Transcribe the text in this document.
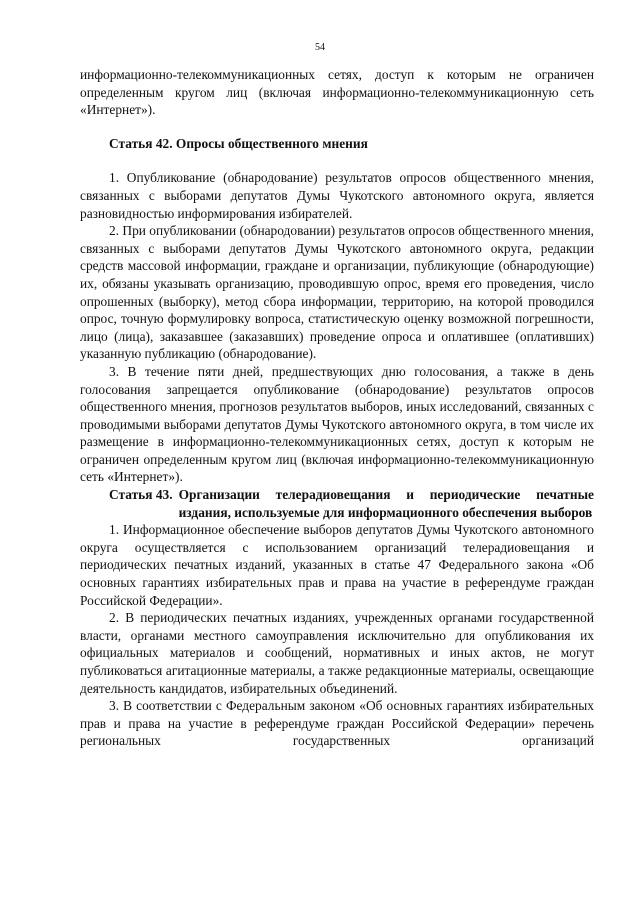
54

информационно-телекоммуникационных сетях, доступ к которым не ограничен определенным кругом лиц (включая информационно-телекоммуникационную сеть «Интернет»).

Статья 42. Опросы общественного мнения

1. Опубликование (обнародование) результатов опросов общественного мнения, связанных с выборами депутатов Думы Чукотского автономного округа, является разновидностью информирования избирателей.

2. При опубликовании (обнародовании) результатов опросов общественного мнения, связанных с выборами депутатов Думы Чукотского автономного округа, редакции средств массовой информации, граждане и организации, публикующие (обнародующие) их, обязаны указывать организацию, проводившую опрос, время его проведения, число опрошенных (выборку), метод сбора информации, территорию, на которой проводился опрос, точную формулировку вопроса, статистическую оценку возможной погрешности, лицо (лица), заказавшее (заказавших) проведение опроса и оплатившее (оплативших) указанную публикацию (обнародование).

3. В течение пяти дней, предшествующих дню голосования, а также в день голосования запрещается опубликование (обнародование) результатов опросов общественного мнения, прогнозов результатов выборов, иных исследований, связанных с проводимыми выборами депутатов Думы Чукотского автономного округа, в том числе их размещение в информационно-телекоммуникационных сетях, доступ к которым не ограничен определенным кругом лиц (включая информационно-телекоммуникационную сеть «Интернет»).

Статья 43. Организации телерадиовещания и периодические печатные издания, используемые для информационного обеспечения выборов

1. Информационное обеспечение выборов депутатов Думы Чукотского автономного округа осуществляется с использованием организаций телерадиовещания и периодических печатных изданий, указанных в статье 47 Федерального закона «Об основных гарантиях избирательных прав и права на участие в референдуме граждан Российской Федерации».

2. В периодических печатных изданиях, учрежденных органами государственной власти, органами местного самоуправления исключительно для опубликования их официальных материалов и сообщений, нормативных и иных актов, не могут публиковаться агитационные материалы, а также редакционные материалы, освещающие деятельность кандидатов, избирательных объединений.

3. В соответствии с Федеральным законом «Об основных гарантиях избирательных прав и права на участие в референдуме граждан Российской Федерации» перечень региональных государственных организаций
